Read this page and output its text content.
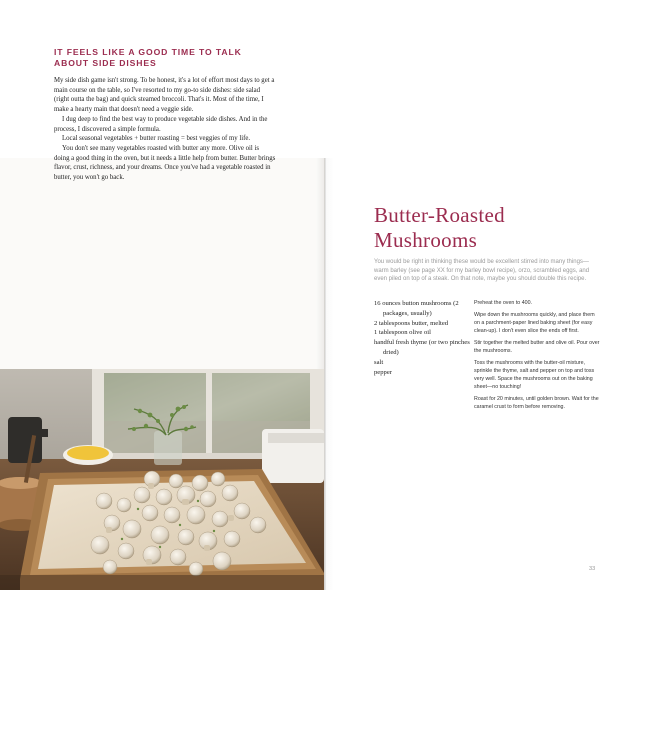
IT FEELS LIKE A GOOD TIME TO TALK ABOUT SIDE DISHES

My side dish game isn't strong. To be honest, it's a lot of effort most days to get a main course on the table, so I've resorted to my go-to side dishes: side salad (right outta the bag) and quick steamed broccoli. That's it. Most of the time, I make a hearty main that doesn't need a veggie side.

I dug deep to find the best way to produce vegetable side dishes. And in the process, I discovered a simple formula.

Local seasonal vegetables + butter roasting = best veggies of my life.

You don't see many vegetables roasted with butter any more. Olive oil is doing a good thing in the oven, but it needs a little help from butter. Butter brings flavor, crust, richness, and your dreams. Once you've had a vegetable roasted in butter, you won't go back.

Butter-Roasted
Mushrooms
You would be right in thinking these would be excellent stirred into many things—warm barley (see page XX for my barley bowl recipe), orzo, scrambled eggs, and even piled on top of a steak. On that note, maybe you should double this recipe.
16 ounces button mushrooms (2 packages, usually)
2 tablespoons butter, melted
1 tablespoon olive oil
handful fresh thyme (or two pinches dried)
salt
pepper
Preheat the oven to 400.
Wipe down the mushrooms quickly, and place them on a parchment-paper lined baking sheet (for easy clean-up). I don't even slice the ends off first.
Stir together the melted butter and olive oil. Pour over the mushrooms.
Toss the mushrooms with the butter-oil mixture, sprinkle the thyme, salt and pepper on top and toss very well. Space the mushrooms out on the baking sheet—no touching!
Roast for 20 minutes, until golden brown. Wait for the caramel crust to form before removing.
33
